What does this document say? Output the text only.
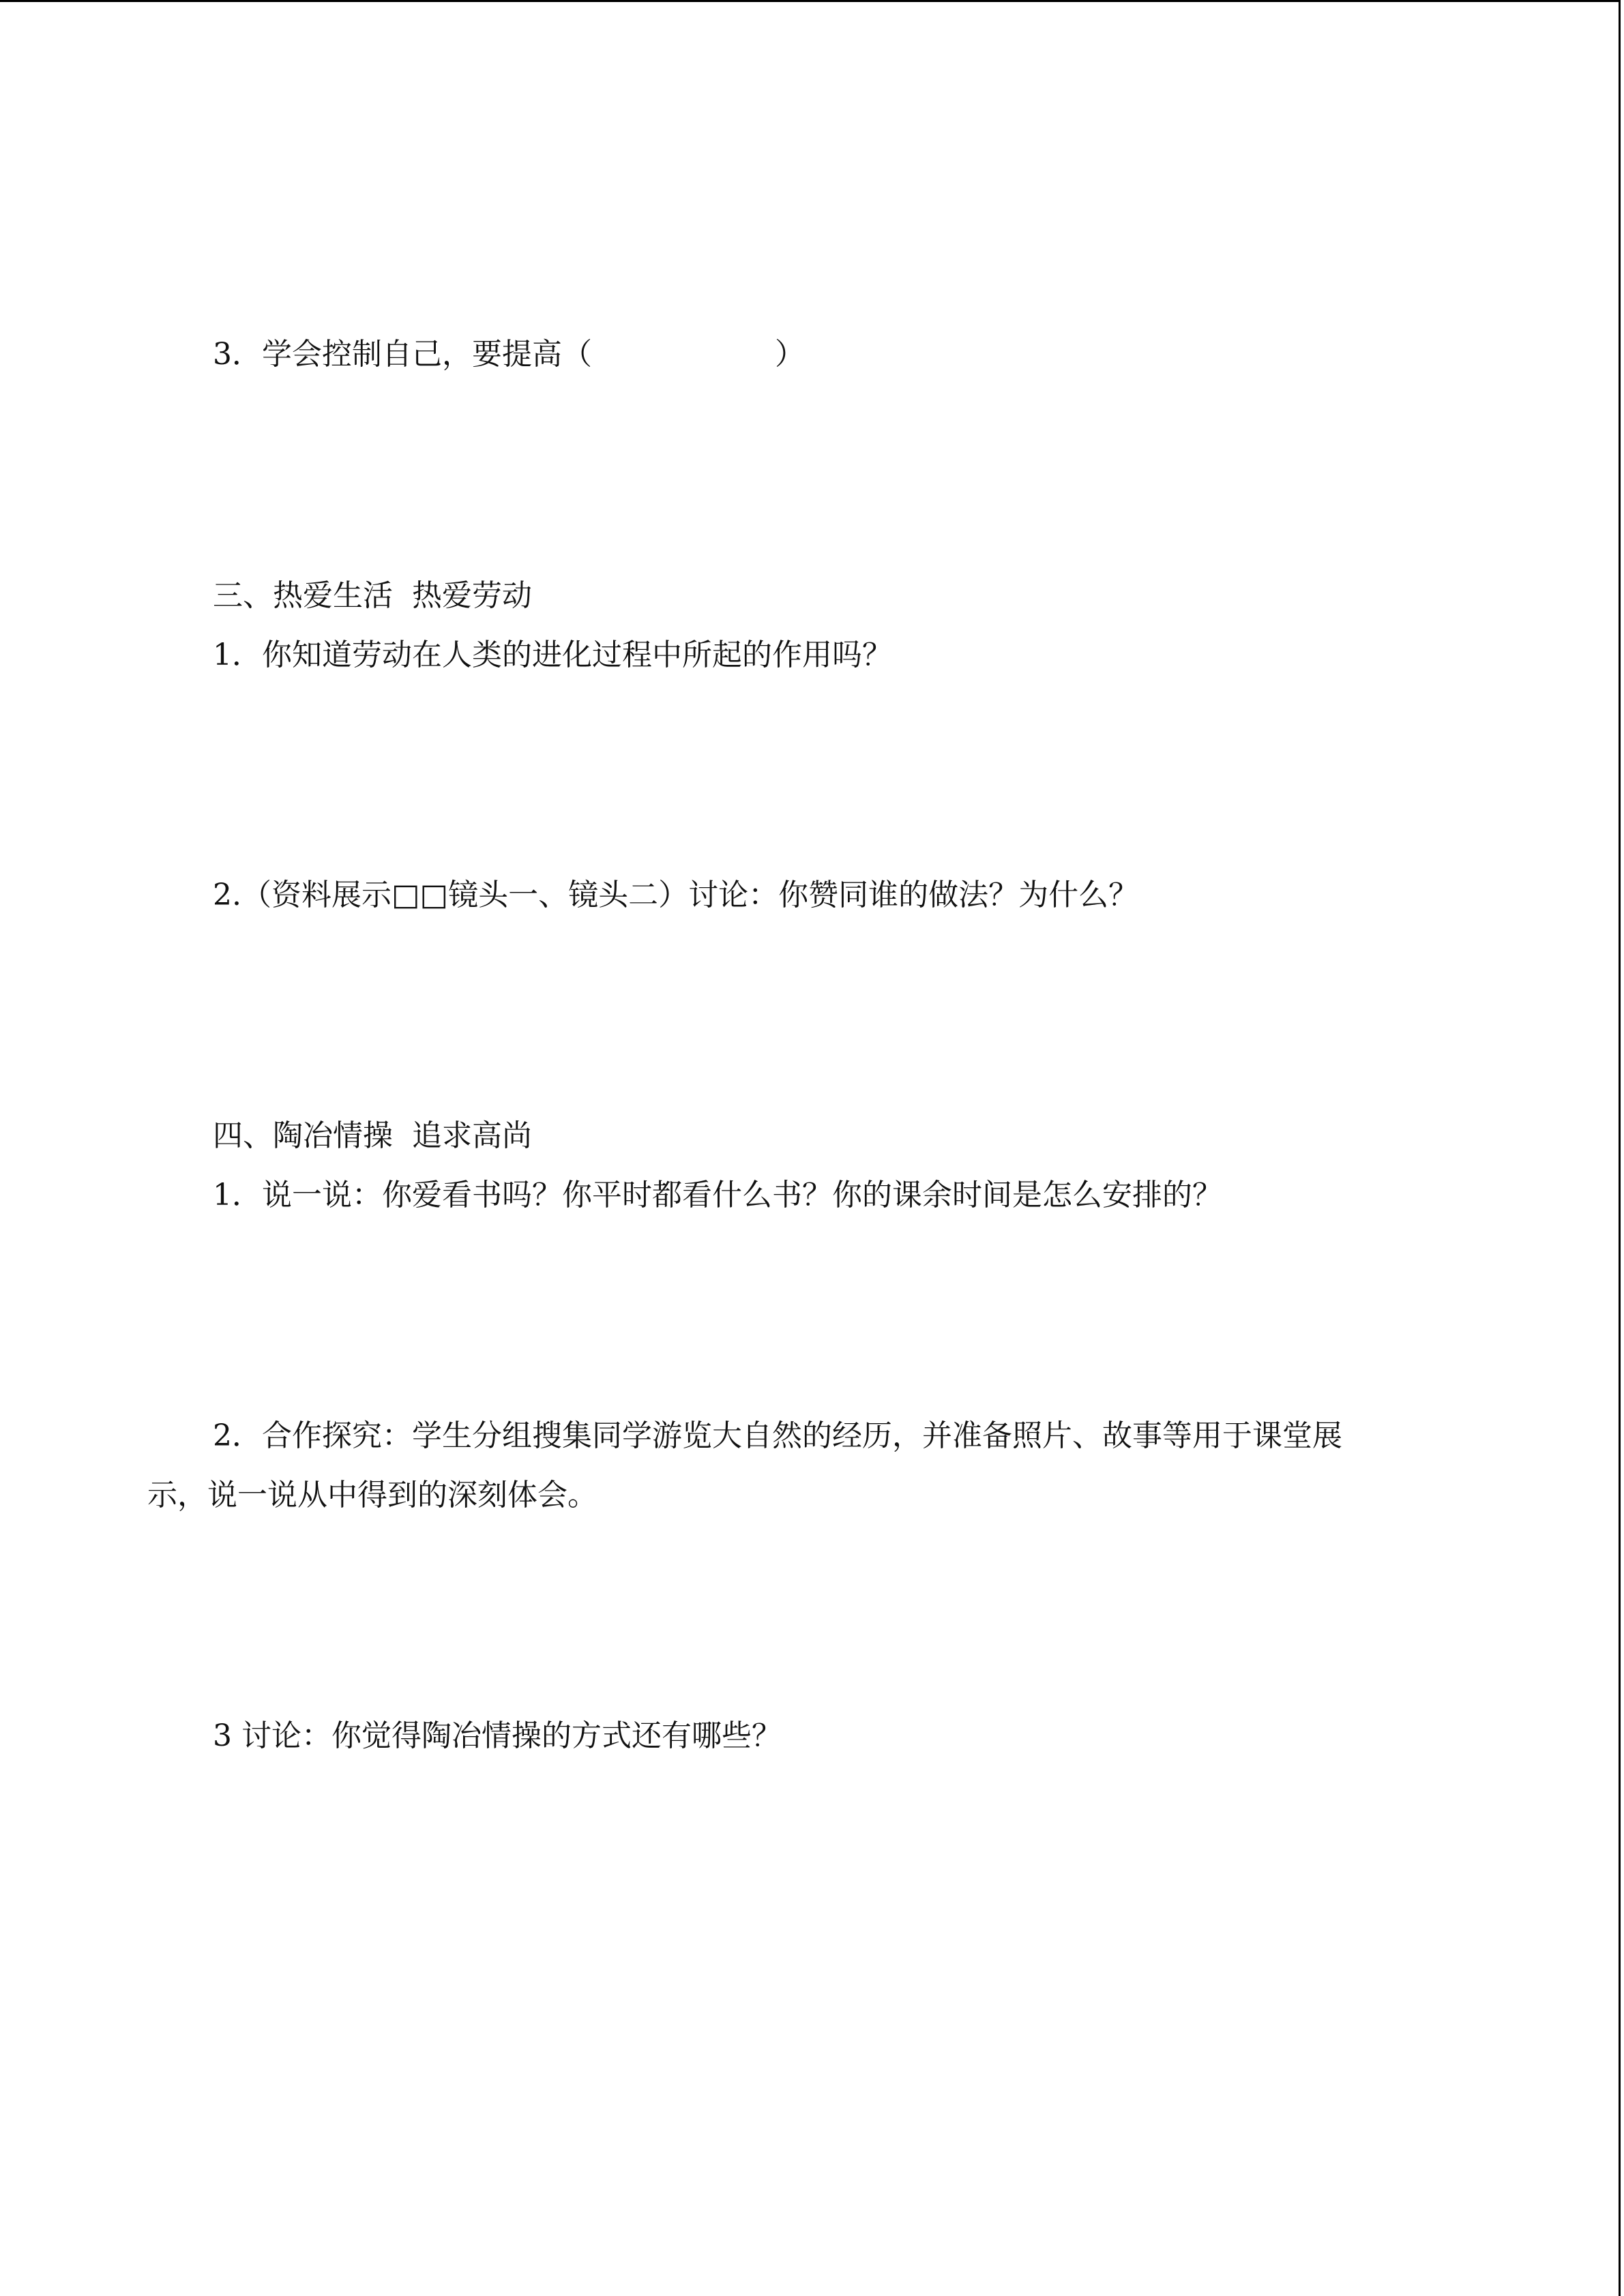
3．学会控制自己，要提高（	）
三、热爱生活  热爱劳动
1．你知道劳动在人类的进化过程中所起的作用吗？
2.（资料展示□□镜头一、镜头二）讨论：你赞同谁的做法？为什么？
四、陶冶情操  追求高尚
1．说一说：你爱看书吗？你平时都看什么书？你的课余时间是怎么安排的？
2．合作探究：学生分组搜集同学游览大自然的经历，并准备照片、故事等用于课堂展
示，说一说从中得到的深刻体会。
3 讨论：你觉得陶冶情操的方式还有哪些？
